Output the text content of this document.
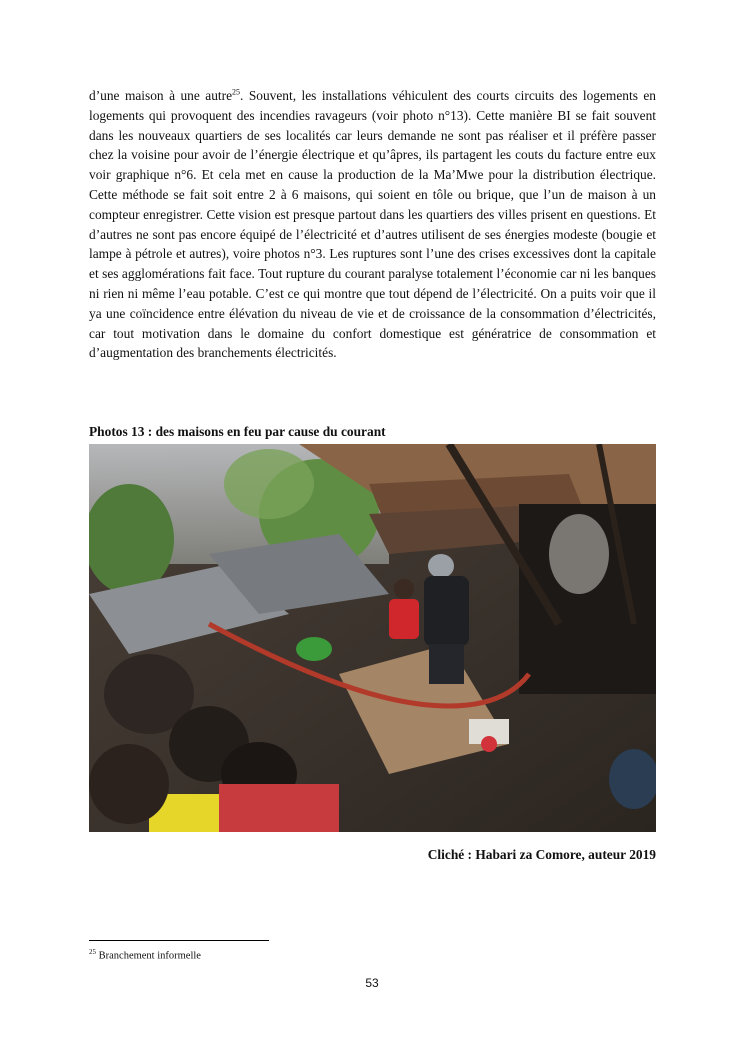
d’une maison à une autre$^{25}$. Souvent, les installations véhiculent des courts circuits des logements en logements qui provoquent des incendies ravageurs (voir photo n°13). Cette manière BI se fait souvent dans les nouveaux quartiers de ses localités car leurs demande ne sont pas réaliser et il préfère passer chez la voisine pour avoir de l’énergie électrique et qu’âpres, ils partagent les couts du facture entre eux voir graphique n°6. Et cela met en cause la production de la Ma’Mwe pour la distribution électrique. Cette méthode se fait soit entre 2 à 6 maisons, qui soient en tôle ou brique, que l’un de maison à un compteur enregistrer. Cette vision est presque partout dans les quartiers des villes prisent en questions. Et d’autres ne sont pas encore équipé de l’électricité et d’autres utilisent de ses énergies modeste (bougie et lampe à pétrole et autres), voire photos n°3. Les ruptures sont l’une des crises excessives dont la capitale et ses agglomérations fait face. Tout rupture du courant paralyse totalement l’économie car ni les banques ni rien ni même l’eau potable. C’est ce qui montre que tout dépend de l’électricité. On a puits voir que il ya une coïncidence entre élévation du niveau de vie et de croissance de la consommation d’électricités, car tout motivation dans le domaine du confort domestique est génératrice de consommation et d’augmentation des branchements électricités.

Photos 13 : des maisons en feu par cause du courant

Cliché : Habari za Comore, auteur 2019

$^{25}$ Branchement informelle

53
